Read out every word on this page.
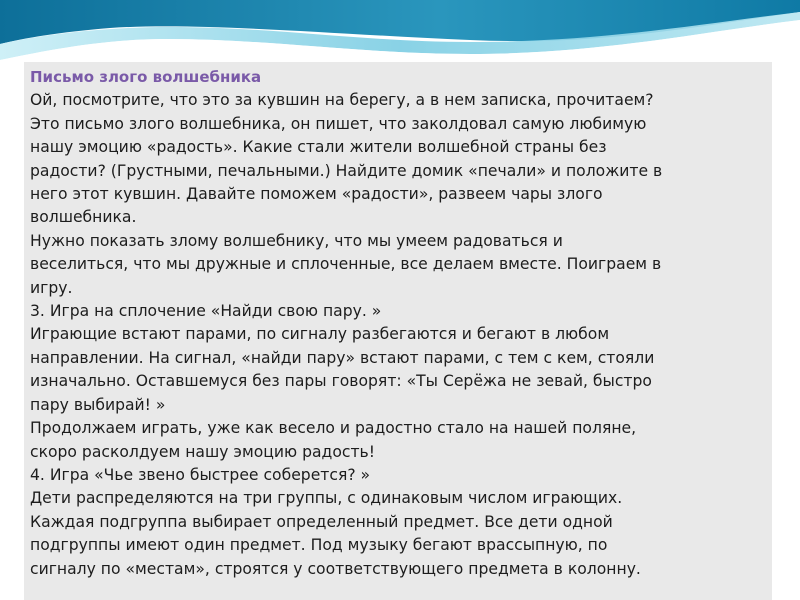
Письмо злого волшебника
Ой, посмотрите, что это за кувшин на берегу, а в нем записка, прочитаем?
Это письмо злого волшебника, он пишет, что заколдовал самую любимую
нашу эмоцию «радость». Какие стали жители волшебной страны без
радости? (Грустными, печальными.) Найдите домик «печали» и положите в
него этот кувшин. Давайте поможем «радости», развеем чары злого
волшебника.
Нужно показать злому волшебнику, что мы умеем радоваться и
веселиться, что мы дружные и сплоченные, все делаем вместе. Поиграем в
игру.
3. Игра на сплочение «Найди свою пару. »
Играющие встают парами, по сигналу разбегаются и бегают в любом
направлении. На сигнал, «найди пару» встают парами, с тем с кем, стояли
изначально. Оставшемуся без пары говорят: «Ты Серёжа не зевай, быстро
пару выбирай! »
Продолжаем играть, уже как весело и радостно стало на нашей поляне,
скоро расколдуем нашу эмоцию радость!
4. Игра «Чье звено быстрее соберется? »
Дети распределяются на три группы, с одинаковым числом играющих.
Каждая подгруппа выбирает определенный предмет. Все дети одной
подгруппы имеют один предмет. Под музыку бегают врассыпную, по
сигналу по «местам», строятся у соответствующего предмета в колонну.
